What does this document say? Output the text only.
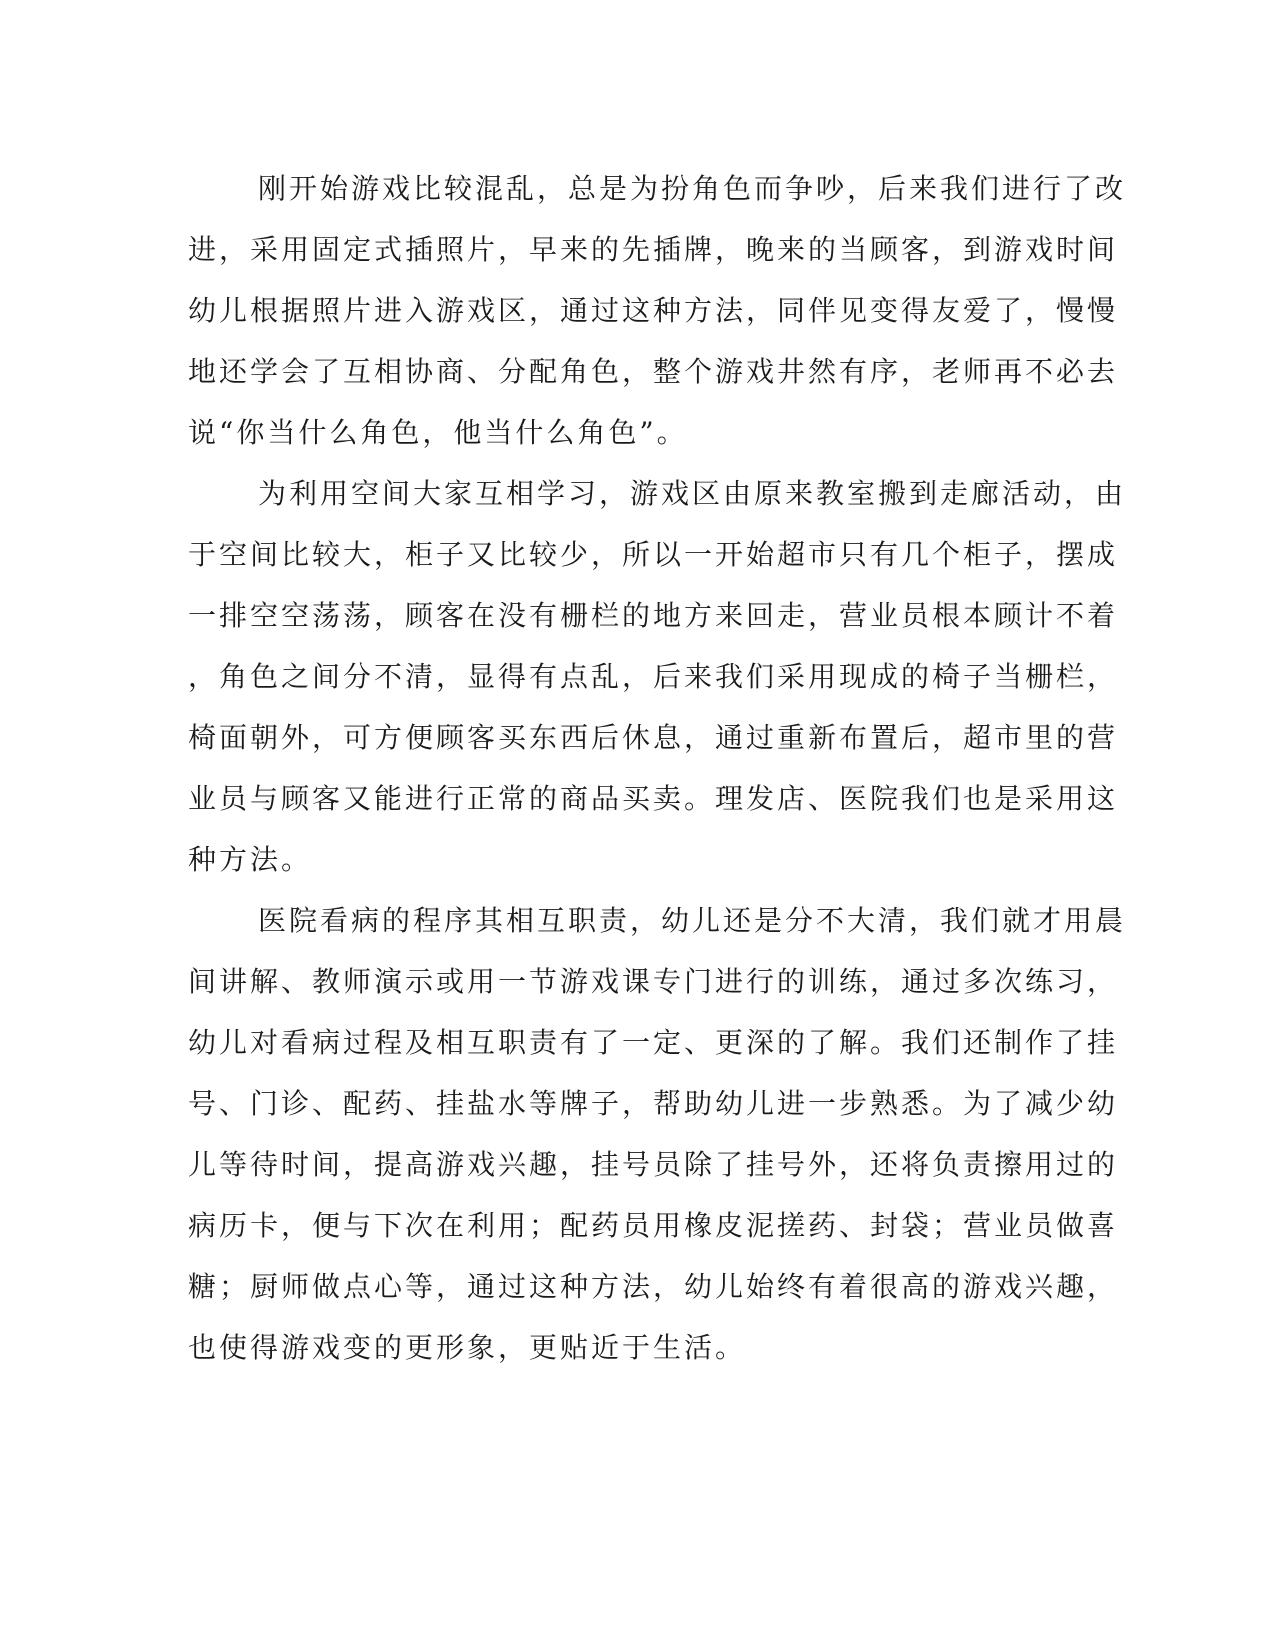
刚开始游戏比较混乱，总是为扮角色而争吵，后来我们进行了改
进，采用固定式插照片，早来的先插牌，晚来的当顾客，到游戏时间
幼儿根据照片进入游戏区，通过这种方法，同伴见变得友爱了，慢慢
地还学会了互相协商、分配角色，整个游戏井然有序，老师再不必去
说“你当什么角色，他当什么角色”。

为利用空间大家互相学习，游戏区由原来教室搬到走廊活动，由
于空间比较大，柜子又比较少，所以一开始超市只有几个柜子，摆成
一排空空荡荡，顾客在没有栅栏的地方来回走，营业员根本顾计不着
，角色之间分不清，显得有点乱，后来我们采用现成的椅子当栅栏，
椅面朝外，可方便顾客买东西后休息，通过重新布置后，超市里的营
业员与顾客又能进行正常的商品买卖。理发店、医院我们也是采用这
种方法。

医院看病的程序其相互职责，幼儿还是分不大清，我们就才用晨
间讲解、教师演示或用一节游戏课专门进行的训练，通过多次练习，
幼儿对看病过程及相互职责有了一定、更深的了解。我们还制作了挂
号、门诊、配药、挂盐水等牌子，帮助幼儿进一步熟悉。为了减少幼
儿等待时间，提高游戏兴趣，挂号员除了挂号外，还将负责擦用过的
病历卡，便与下次在利用；配药员用橡皮泥搓药、封袋；营业员做喜
糖；厨师做点心等，通过这种方法，幼儿始终有着很高的游戏兴趣，
也使得游戏变的更形象，更贴近于生活。
